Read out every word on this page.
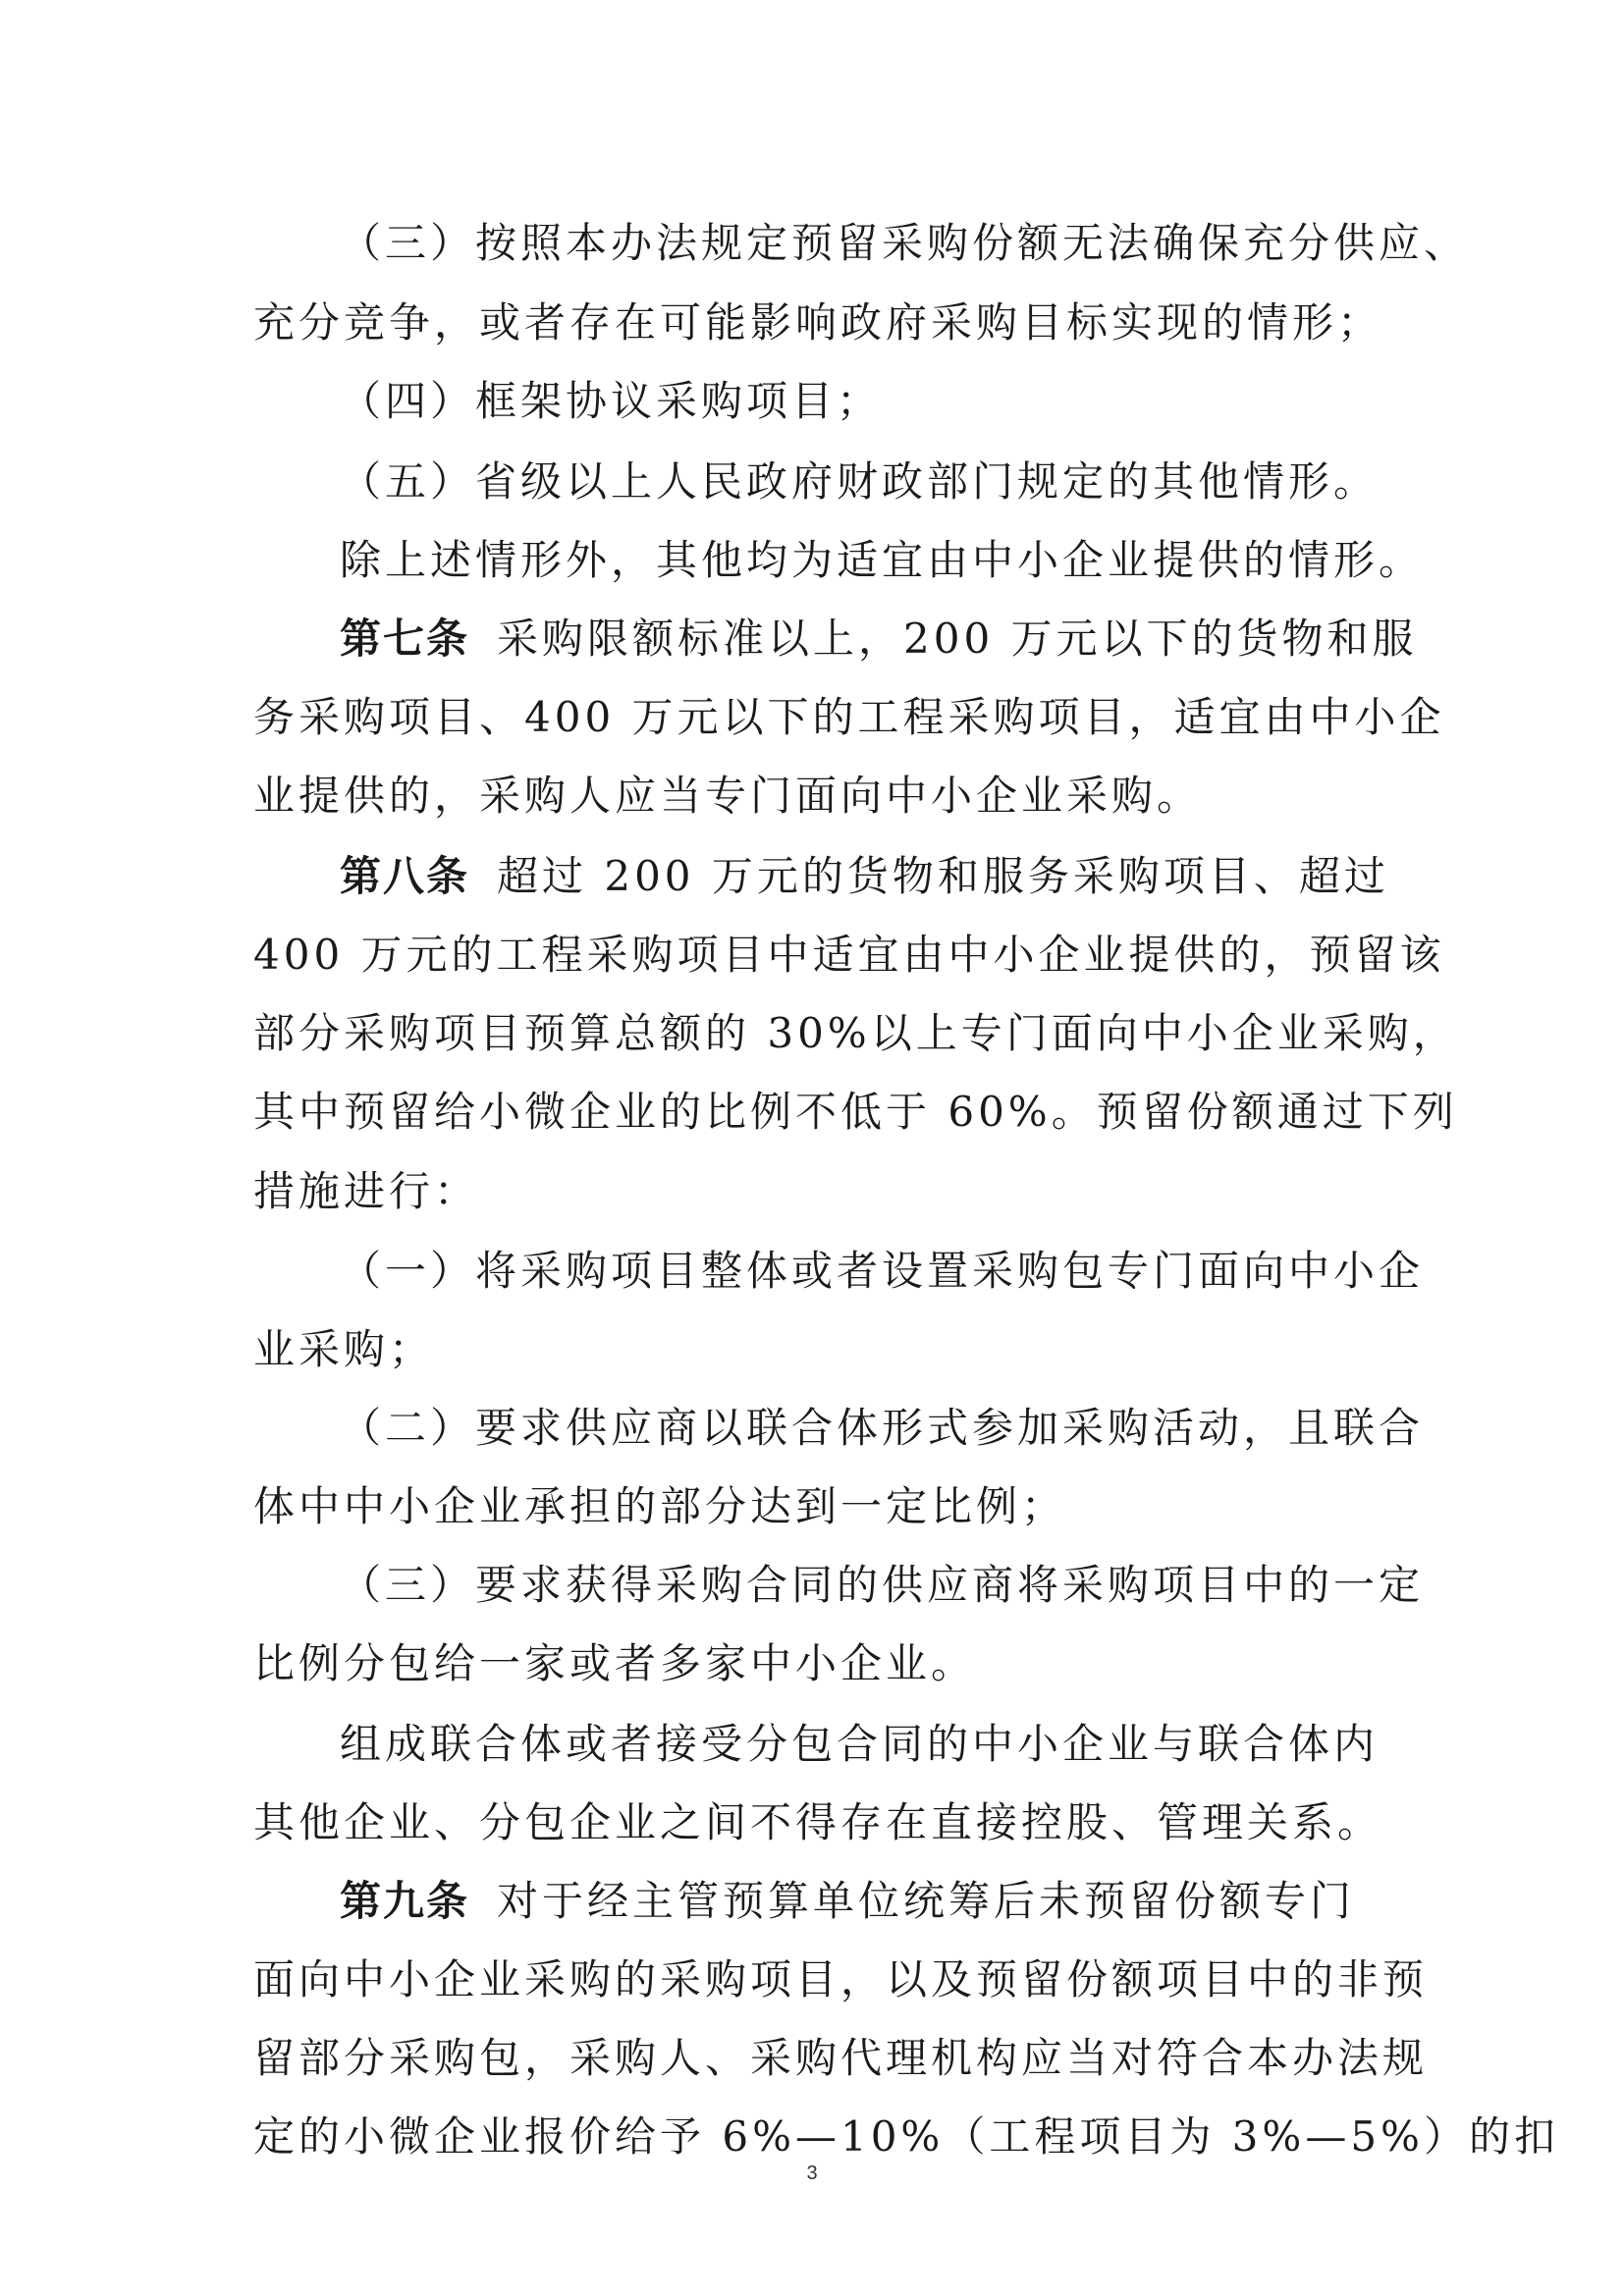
（三）按照本办法规定预留采购份额无法确保充分供应、
充分竞争，或者存在可能影响政府采购目标实现的情形；
（四）框架协议采购项目；
（五）省级以上人民政府财政部门规定的其他情形。
除上述情形外，其他均为适宜由中小企业提供的情形。
第七条 采购限额标准以上，200 万元以下的货物和服
务采购项目、400 万元以下的工程采购项目，适宜由中小企
业提供的，采购人应当专门面向中小企业采购。
第八条 超过 200 万元的货物和服务采购项目、超过
400 万元的工程采购项目中适宜由中小企业提供的，预留该
部分采购项目预算总额的 30%以上专门面向中小企业采购，
其中预留给小微企业的比例不低于 60%。预留份额通过下列
措施进行：
（一）将采购项目整体或者设置采购包专门面向中小企
业采购；
（二）要求供应商以联合体形式参加采购活动，且联合
体中中小企业承担的部分达到一定比例；
（三）要求获得采购合同的供应商将采购项目中的一定
比例分包给一家或者多家中小企业。
组成联合体或者接受分包合同的中小企业与联合体内
其他企业、分包企业之间不得存在直接控股、管理关系。
第九条 对于经主管预算单位统筹后未预留份额专门
面向中小企业采购的采购项目，以及预留份额项目中的非预
留部分采购包，采购人、采购代理机构应当对符合本办法规
定的小微企业报价给予 6%—10%（工程项目为 3%—5%）的扣
3
